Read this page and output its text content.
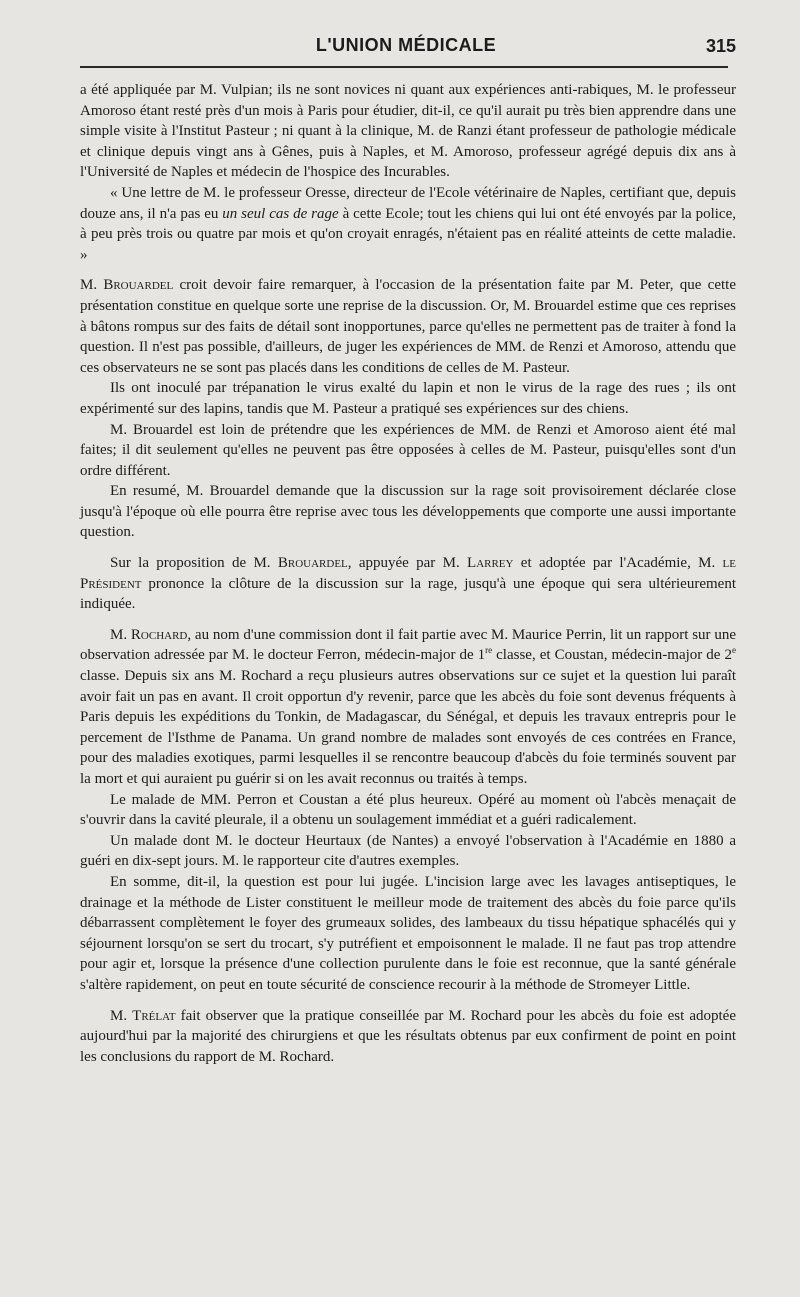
L'UNION MÉDICALE	315

a été appliquée par M. Vulpian; ils ne sont novices ni quant aux expériences anti-rabiques, M. le professeur Amoroso étant resté près d'un mois à Paris pour étudier, dit-il, ce qu'il aurait pu très bien apprendre dans une simple visite à l'Institut Pasteur ; ni quant à la clinique, M. de Ranzi étant professeur de pathologie médicale et clinique depuis vingt ans à Gênes, puis à Naples, et M. Amoroso, professeur agrégé depuis dix ans à l'Université de Naples et médecin de l'hospice des Incurables.

« Une lettre de M. le professeur Oresse, directeur de l'Ecole vétérinaire de Naples, certifiant que, depuis douze ans, il n'a pas eu un seul cas de rage à cette Ecole; tout les chiens qui lui ont été envoyés par la police, à peu près trois ou quatre par mois et qu'on croyait enragés, n'étaient pas en réalité atteints de cette maladie. »

M. Brouardel croit devoir faire remarquer, à l'occasion de la présentation faite par M. Peter, que cette présentation constitue en quelque sorte une reprise de la discussion. Or, M. Brouardel estime que ces reprises à bâtons rompus sur des faits de détail sont inopportunes, parce qu'elles ne permettent pas de traiter à fond la question. Il n'est pas possible, d'ailleurs, de juger les expériences de MM. de Renzi et Amoroso, attendu que ces observateurs ne se sont pas placés dans les conditions de celles de M. Pasteur.

Ils ont inoculé par trépanation le virus exalté du lapin et non le virus de la rage des rues ; ils ont expérimenté sur des lapins, tandis que M. Pasteur a pratiqué ses expériences sur des chiens.

M. Brouardel est loin de prétendre que les expériences de MM. de Renzi et Amoroso aient été mal faites; il dit seulement qu'elles ne peuvent pas être opposées à celles de M. Pasteur, puisqu'elles sont d'un ordre différent.

En resumé, M. Brouardel demande que la discussion sur la rage soit provisoirement déclarée close jusqu'à l'époque où elle pourra être reprise avec tous les développements que comporte une aussi importante question.

Sur la proposition de M. Brouardel, appuyée par M. Larrey et adoptée par l'Académie, M. le Président prononce la clôture de la discussion sur la rage, jusqu'à une époque qui sera ultérieurement indiquée.

M. Rochard, au nom d'une commission dont il fait partie avec M. Maurice Perrin, lit un rapport sur une observation adressée par M. le docteur Ferron, médecin-major de 1re classe, et Coustan, médecin-major de 2e classe. Depuis six ans M. Rochard a reçu plusieurs autres observations sur ce sujet et la question lui paraît avoir fait un pas en avant. Il croit opportun d'y revenir, parce que les abcès du foie sont devenus fréquents à Paris depuis les expéditions du Tonkin, de Madagascar, du Sénégal, et depuis les travaux entrepris pour le percement de l'Isthme de Panama. Un grand nombre de malades sont envoyés de ces contrées en France, pour des maladies exotiques, parmi lesquelles il se rencontre beaucoup d'abcès du foie terminés souvent par la mort et qui auraient pu guérir si on les avait reconnus ou traités à temps.

Le malade de MM. Perron et Coustan a été plus heureux. Opéré au moment où l'abcès menaçait de s'ouvrir dans la cavité pleurale, il a obtenu un soulagement immédiat et a guéri radicalement.

Un malade dont M. le docteur Heurtaux (de Nantes) a envoyé l'observation à l'Académie en 1880 a guéri en dix-sept jours. M. le rapporteur cite d'autres exemples.

En somme, dit-il, la question est pour lui jugée. L'incision large avec les lavages antiseptiques, le drainage et la méthode de Lister constituent le meilleur mode de traitement des abcès du foie parce qu'ils débarrassent complètement le foyer des grumeaux solides, des lambeaux du tissu hépatique sphacélés qui y séjournent lorsqu'on se sert du trocart, s'y putréfient et empoisonnent le malade. Il ne faut pas trop attendre pour agir et, lorsque la présence d'une collection purulente dans le foie est reconnue, que la santé générale s'altère rapidement, on peut en toute sécurité de conscience recourir à la méthode de Stromeyer Little.

M. Trélat fait observer que la pratique conseillée par M. Rochard pour les abcès du foie est adoptée aujourd'hui par la majorité des chirurgiens et que les résultats obtenus par eux confirment de point en point les conclusions du rapport de M. Rochard.
